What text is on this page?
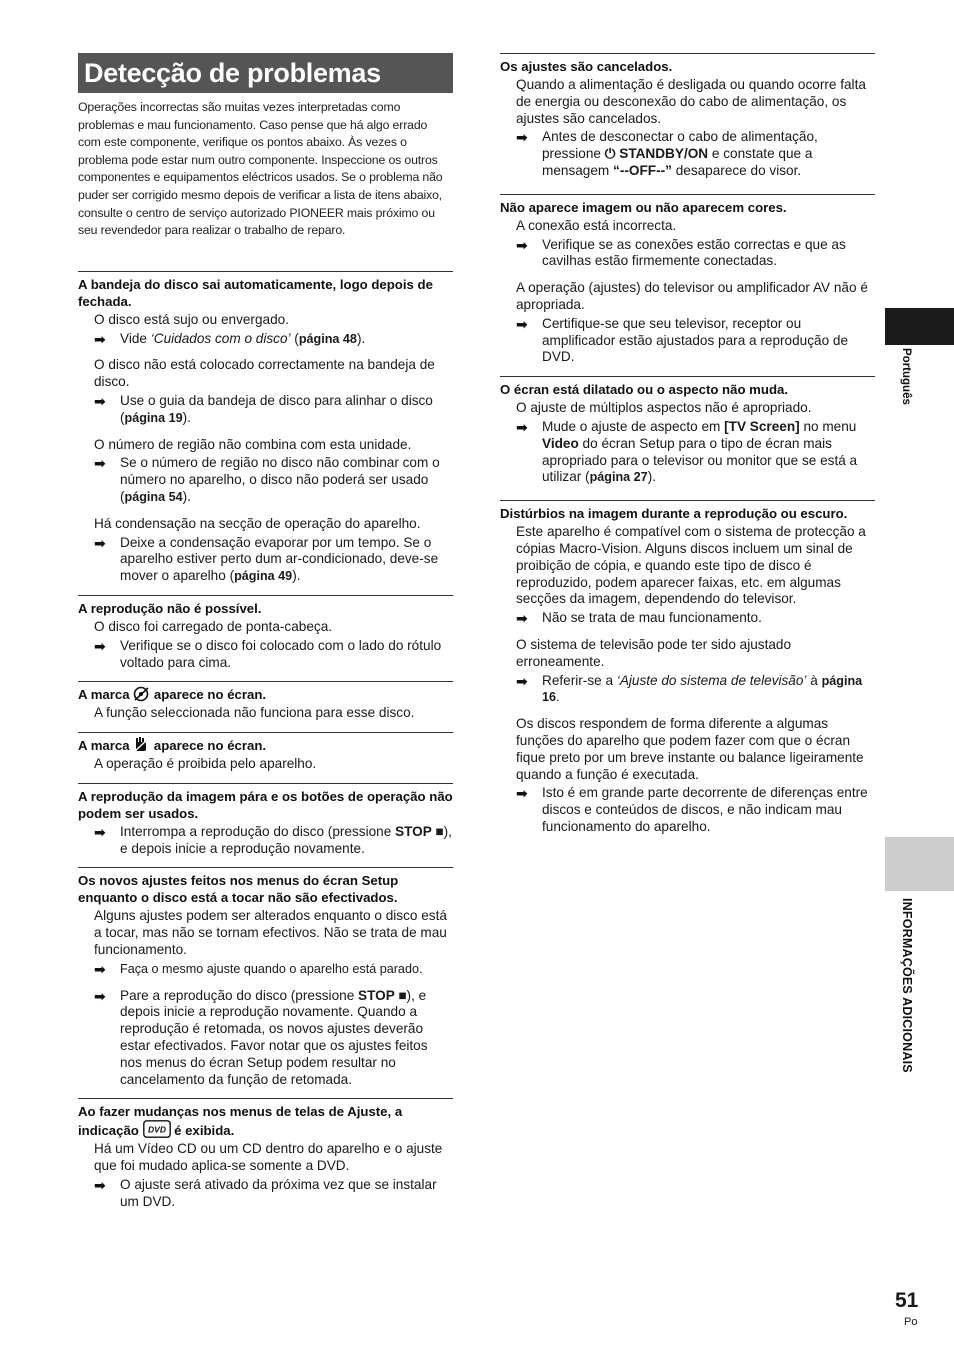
Português
INFORMAÇÕES ADICIONAIS
Detecção de problemas

Operações incorrectas são muitas vezes interpretadas como problemas e mau funcionamento. Caso pense que há algo errado com este componente, verifique os pontos abaixo. Às vezes o problema pode estar num outro componente. Inspeccione os outros componentes e equipamentos eléctricos usados. Se o problema não puder ser corrigido mesmo depois de verificar a lista de itens abaixo, consulte o centro de serviço autorizado PIONEER mais próximo ou seu revendedor para realizar o trabalho de reparo.

A bandeja do disco sai automaticamente, logo depois de fechada.
O disco está sujo ou envergado.
➡ Vide ‘Cuidados com o disco’ (página 48).
O disco não está colocado correctamente na bandeja de disco.
➡ Use o guia da bandeja de disco para alinhar o disco (página 19).
O número de região não combina com esta unidade.
➡ Se o número de região no disco não combinar com o número no aparelho, o disco não poderá ser usado (página 54).
Há condensação na secção de operação do aparelho.
➡ Deixe a condensação evaporar por um tempo. Se o aparelho estiver perto dum ar-condicionado, deve-se mover o aparelho (página 49).
A reprodução não é possível.
O disco foi carregado de ponta-cabeça.
➡ Verifique se o disco foi colocado com o lado do rótulo voltado para cima.
A marca  aparece no écran.
A função seleccionada não funciona para esse disco.
A marca  aparece no écran.
A operação é proibida pelo aparelho.
A reprodução da imagem pára e os botões de operação não podem ser usados.
➡ Interrompa a reprodução do disco (pressione STOP ■), e depois inicie a reprodução novamente.
Os novos ajustes feitos nos menus do écran Setup enquanto o disco está a tocar não são efectivados.
Alguns ajustes podem ser alterados enquanto o disco está a tocar, mas não se tornam efectivos. Não se trata de mau funcionamento.
➡ Faça o mesmo ajuste quando o aparelho está parado.
➡ Pare a reprodução do disco (pressione STOP ■), e depois inicie a reprodução novamente. Quando a reprodução é retomada, os novos ajustes deverão estar efectivados. Favor notar que os ajustes feitos nos menus do écran Setup podem resultar no cancelamento da função de retomada.
Ao fazer mudanças nos menus de telas de Ajuste, a indicação DVD é exibida.
Há um Vídeo CD ou um CD dentro do aparelho e o ajuste que foi mudado aplica-se somente a DVD.
➡ O ajuste será ativado da próxima vez que se instalar um DVD.
Os ajustes são cancelados.
Quando a alimentação é desligada ou quando ocorre falta de energia ou desconexão do cabo de alimentação, os ajustes são cancelados.
➡ Antes de desconectar o cabo de alimentação, pressione ⏻ STANDBY/ON e constate que a mensagem “--OFF--” desaparece do visor.
Não aparece imagem ou não aparecem cores.
A conexão está incorrecta.
➡ Verifique se as conexões estão correctas e que as cavilhas estão firmemente conectadas.
A operação (ajustes) do televisor ou amplificador AV não é apropriada.
➡ Certifique-se que seu televisor, receptor ou amplificador estão ajustados para a reprodução de DVD.
O écran está dilatado ou o aspecto não muda.
O ajuste de múltiplos aspectos não é apropriado.
➡ Mude o ajuste de aspecto em [TV Screen] no menu Video do écran Setup para o tipo de écran mais apropriado para o televisor ou monitor que se está a utilizar (página 27).
Distúrbios na imagem durante a reprodução ou escuro.
Este aparelho é compatível com o sistema de protecção a cópias Macro-Vision. Alguns discos incluem um sinal de proibição de cópia, e quando este tipo de disco é reproduzido, podem aparecer faixas, etc. em algumas secções da imagem, dependendo do televisor.
➡ Não se trata de mau funcionamento.
O sistema de televisão pode ter sido ajustado erroneamente.
➡ Referir-se a ‘Ajuste do sistema de televisão’ à página 16.
Os discos respondem de forma diferente a algumas funções do aparelho que podem fazer com que o écran fique preto por um breve instante ou balance ligeiramente quando a função é executada.
➡ Isto é em grande parte decorrente de diferenças entre discos e conteúdos de discos, e não indicam mau funcionamento do aparelho.
51
Po
